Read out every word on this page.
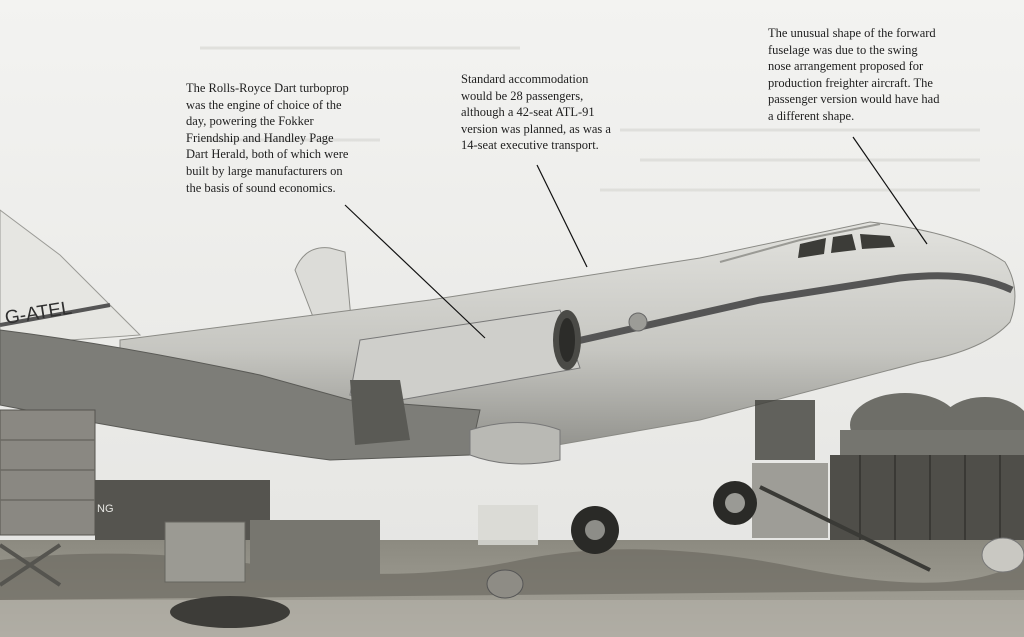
G-ATEL
NG
The Rolls-Royce Dart turboprop
was the engine of choice of the
day, powering the Fokker
Friendship and Handley Page
Dart Herald, both of which were
built by large manufacturers on
the basis of sound economics.
Standard accommodation
would be 28 passengers,
although a 42-seat ATL-91
version was planned, as was a
14-seat executive transport.
The unusual shape of the forward
fuselage was due to the swing
nose arrangement proposed for
production freighter aircraft. The
passenger version would have had
a different shape.
